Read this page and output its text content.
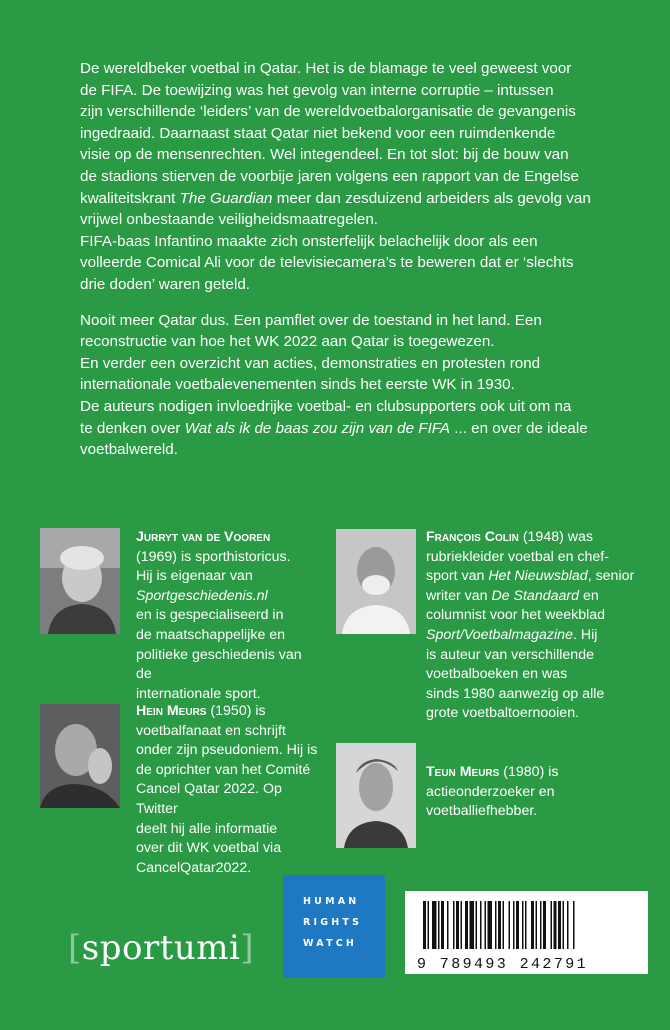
De wereldbeker voetbal in Qatar. Het is de blamage te veel geweest voor
de FIFA. De toewijzing was het gevolg van interne corruptie – intussen
zijn verschillende ‘leiders’ van de wereldvoetbalorganisatie de gevangenis
ingedraaid. Daarnaast staat Qatar niet bekend voor een ruimdenkende
visie op de mensenrechten. Wel integendeel. En tot slot: bij de bouw van
de stadions stierven de voorbije jaren volgens een rapport van de Engelse
kwaliteitskrant The Guardian meer dan zesduizend arbeiders als gevolg van
vrijwel onbestaande veiligheidsmaatregelen.
FIFA-baas Infantino maakte zich onsterfelijk belachelijk door als een
volleerde Comical Ali voor de televisiecamera’s te beweren dat er ‘slechts
drie doden’ waren geteld.

Nooit meer Qatar dus. Een pamflet over de toestand in het land. Een
reconstructie van hoe het WK 2022 aan Qatar is toegewezen.
En verder een overzicht van acties, demonstraties en protesten rond
internationale voetbalevenementen sinds het eerste WK in 1930.
De auteurs nodigen invloedrijke voetbal- en clubsupporters ook uit om na
te denken over Wat als ik de baas zou zijn van de FIFA ... en over de ideale
voetbalwereld.

Jurryt van de Vooren
(1969) is sporthistoricus.
Hij is eigenaar van
Sportgeschiedenis.nl
en is gespecialiseerd in
de maatschappelijke en
politieke geschiedenis van de
internationale sport.
François Colin (1948) was
rubriekleider voetbal en chef-
sport van Het Nieuwsblad, senior
writer van De Standaard en
columnist voor het weekblad
Sport/Voetbalmagazine. Hij
is auteur van verschillende
voetbalboeken en was
sinds 1980 aanwezig op alle
grote voetbaltoernooien.
Hein Meurs (1950) is
voetbalfanaat en schrijft
onder zijn pseudoniem. Hij is
de oprichter van het Comité
Cancel Qatar 2022. Op Twitter
deelt hij alle informatie
over dit WK voetbal via
CancelQatar2022.
Teun Meurs (1980) is
actieonderzoeker en
voetballiefhebber.
[sportumi]
HUMAN
RIGHTS
WATCH
9 789493 242791
